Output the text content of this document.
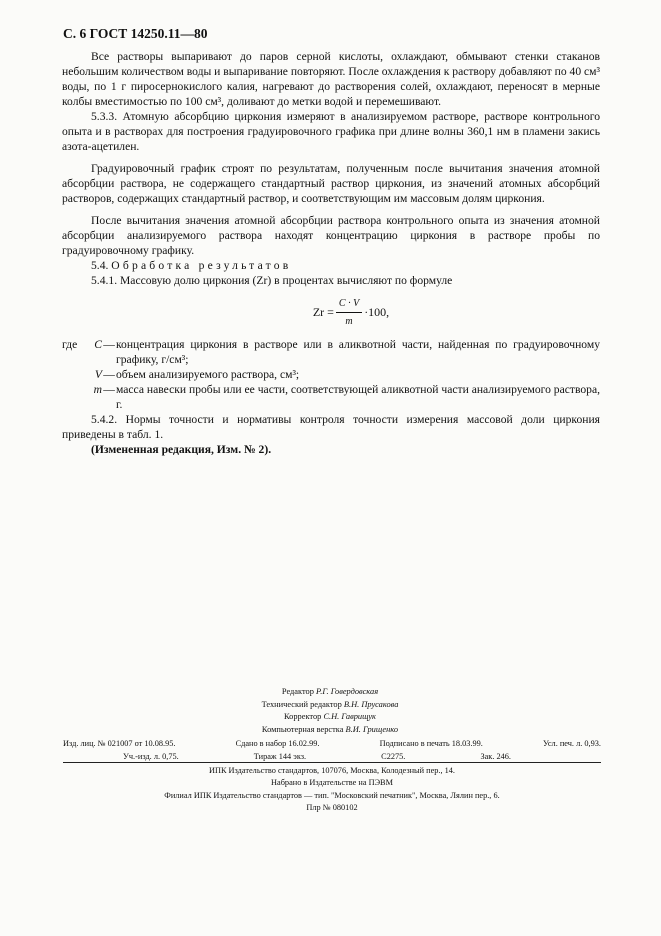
С. 6 ГОСТ 14250.11—80

Все растворы выпаривают до паров серной кислоты, охлаждают, обмывают стенки стаканов небольшим количеством воды и выпаривание повторяют. После охлаждения к раствору добавляют по 40 см³ воды, по 1 г пиросернокислого калия, нагревают до растворения солей, охлаждают, переносят в мерные колбы вместимостью по 100 см³, доливают до метки водой и перемешивают.

5.3.3. Атомную абсорбцию циркония измеряют в анализируемом растворе, растворе контрольного опыта и в растворах для построения градуировочного графика при длине волны 360,1 нм в пламени закись азота-ацетилен.

Градуировочный график строят по результатам, полученным после вычитания значения атомной абсорбции раствора, не содержащего стандартный раствор циркония, из значений атомных абсорбций растворов, содержащих стандартный раствор, и соответствующим им массовым долям циркония.

После вычитания значения атомной абсорбции раствора контрольного опыта из значения атомной абсорбции анализируемого раствора находят концентрацию циркония в растворе пробы по градуировочному графику.

5.4. Обработка результатов

5.4.1. Массовую долю циркония (Zr) в процентах вычисляют по формуле

$Zr = \frac{C \cdot V}{m} \cdot 100$,
где	C — концентрация циркония в растворе или в аликвотной части, найденная по градуировочному графику, г/см³;
V — объем анализируемого раствора, см³;
m — масса навески пробы или ее части, соответствующей аликвотной части анализируемого раствора, г.

5.4.2. Нормы точности и нормативы контроля точности измерения массовой доли циркония приведены в табл. 1.

(Измененная редакция, Изм. № 2).

Редактор Р.Г. Говердовская
Технический редактор В.Н. Прусакова
Корректор С.Н. Гаврищук
Компьютерная верстка В.И. Грищенко
Изд. лиц. № 021007 от 10.08.95.	Сдано в набор 16.02.99.	Подписано в печать 18.03.99.	Усл. печ. л. 0,93.
Уч.-изд. л. 0,75.	Тираж 144 экз.	С2275.	Зак. 246.
ИПК Издательство стандартов, 107076, Москва, Колодезный пер., 14.
Набрано в Издательстве на ПЭВМ
Филиал ИПК Издательство стандартов — тип. "Московский печатник", Москва, Лялин пер., 6.
Плр № 080102
